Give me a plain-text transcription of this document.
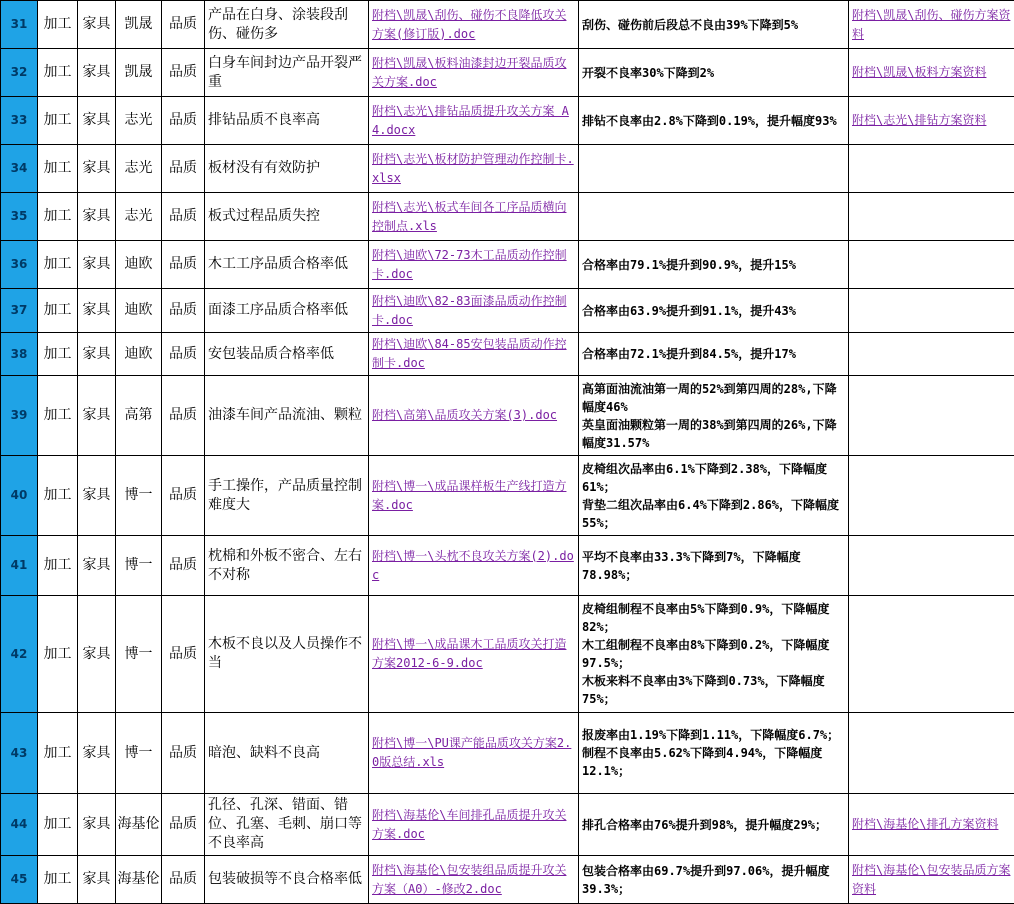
31	加工	家具	凯晟	品质	产品在白身、涂装段刮伤、碰伤多	附档\凯晟\刮伤、碰伤不良降低攻关方案(修订版).doc	刮伤、碰伤前后段总不良由39%下降到5%	附档\凯晟\刮伤、碰伤方案资料
32	加工	家具	凯晟	品质	白身车间封边产品开裂严重	附档\凯晟\板料油漆封边开裂品质攻关方案.doc	开裂不良率30%下降到2%	附档\凯晟\板料方案资料
33	加工	家具	志光	品质	排钻品质不良率高	附档\志光\排钻品质提升攻关方案 A4.docx	排钻不良率由2.8%下降到0.19%，提升幅度93%	附档\志光\排钻方案资料
34	加工	家具	志光	品质	板材没有有效防护	附档\志光\板材防护管理动作控制卡.xlsx		
35	加工	家具	志光	品质	板式过程品质失控	附档\志光\板式车间各工序品质横向控制点.xls		
36	加工	家具	迪欧	品质	木工工序品质合格率低	附档\迪欧\72-73木工品质动作控制卡.doc	合格率由79.1%提升到90.9%，提升15%	
37	加工	家具	迪欧	品质	面漆工序品质合格率低	附档\迪欧\82-83面漆品质动作控制卡.doc	合格率由63.9%提升到91.1%，提升43%	
38	加工	家具	迪欧	品质	安包装品质合格率低	附档\迪欧\84-85安包装品质动作控制卡.doc	合格率由72.1%提升到84.5%，提升17%	
39	加工	家具	高第	品质	油漆车间产品流油、颗粒	附档\高第\品质攻关方案(3).doc	高第面油流油第一周的52%到第四周的28%,下降幅度46%
英皇面油颗粒第一周的38%到第四周的26%,下降幅度31.57%	
40	加工	家具	博一	品质	手工操作，产品质量控制难度大	附档\博一\成品课样板生产线打造方案.doc	皮椅组次品率由6.1%下降到2.38%，下降幅度61%；
背垫二组次品率由6.4%下降到2.86%，下降幅度55%；	
41	加工	家具	博一	品质	枕棉和外板不密合、左右不对称	附档\博一\头枕不良攻关方案(2).doc	平均不良率由33.3%下降到7%，下降幅度78.98%；	
42	加工	家具	博一	品质	木板不良以及人员操作不当	附档\博一\成品课木工品质攻关打造方案2012-6-9.doc	皮椅组制程不良率由5%下降到0.9%，下降幅度82%；
木工组制程不良率由8%下降到0.2%，下降幅度97.5%；
木板来料不良率由3%下降到0.73%，下降幅度75%；	
43	加工	家具	博一	品质	暗泡、缺料不良高	附档\博一\PU课产能品质攻关方案2.0版总结.xls	报废率由1.19%下降到1.11%，下降幅度6.7%；
制程不良率由5.62%下降到4.94%，下降幅度12.1%；	
44	加工	家具	海基伦	品质	孔径、孔深、错面、错位、孔塞、毛刺、崩口等不良率高	附档\海基伦\车间排孔品质提升攻关方案.doc	排孔合格率由76%提升到98%，提升幅度29%；	附档\海基伦\排孔方案资料
45	加工	家具	海基伦	品质	包装破损等不良合格率低	附档\海基伦\包安装组品质提升攻关方案（A0）-修改2.doc	包装合格率由69.7%提升到97.06%，提升幅度39.3%；	附档\海基伦\包安装品质方案资料
